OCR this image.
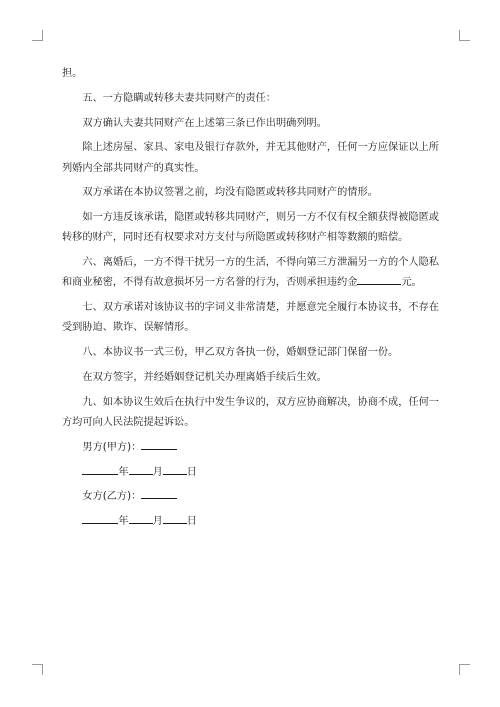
担。

五、一方隐瞒或转移夫妻共同财产的责任：

双方确认夫妻共同财产在上述第三条已作出明确列明。

除上述房屋、家具、家电及银行存款外，并无其他财产，任何一方应保证以上所

列婚内全部共同财产的真实性。

双方承诺在本协议签署之前，均没有隐匿或转移共同财产的情形。

如一方违反该承诺，隐匿或转移共同财产，则另一方不仅有权全额获得被隐匿或

转移的财产，同时还有权要求对方支付与所隐匿或转移财产相等数额的赔偿。

六、离婚后，一方不得干扰另一方的生活，不得向第三方泄漏另一方的个人隐私

和商业秘密，不得有故意损坏另一方名誉的行为，否则承担违约金	元。

七、双方承诺对该协议书的字词义非常清楚，并愿意完全履行本协议书，不存在

受到胁迫、欺诈、误解情形。

八、本协议书一式三份，甲乙双方各执一份，婚姻登记部门保留一份。

在双方签字，并经婚姻登记机关办理离婚手续后生效。

九、如本协议生效后在执行中发生争议的，双方应协商解决，协商不成，任何一

方均可向人民法院提起诉讼。

男方(甲方)：

年 月 日

女方(乙方)：

年 月 日
